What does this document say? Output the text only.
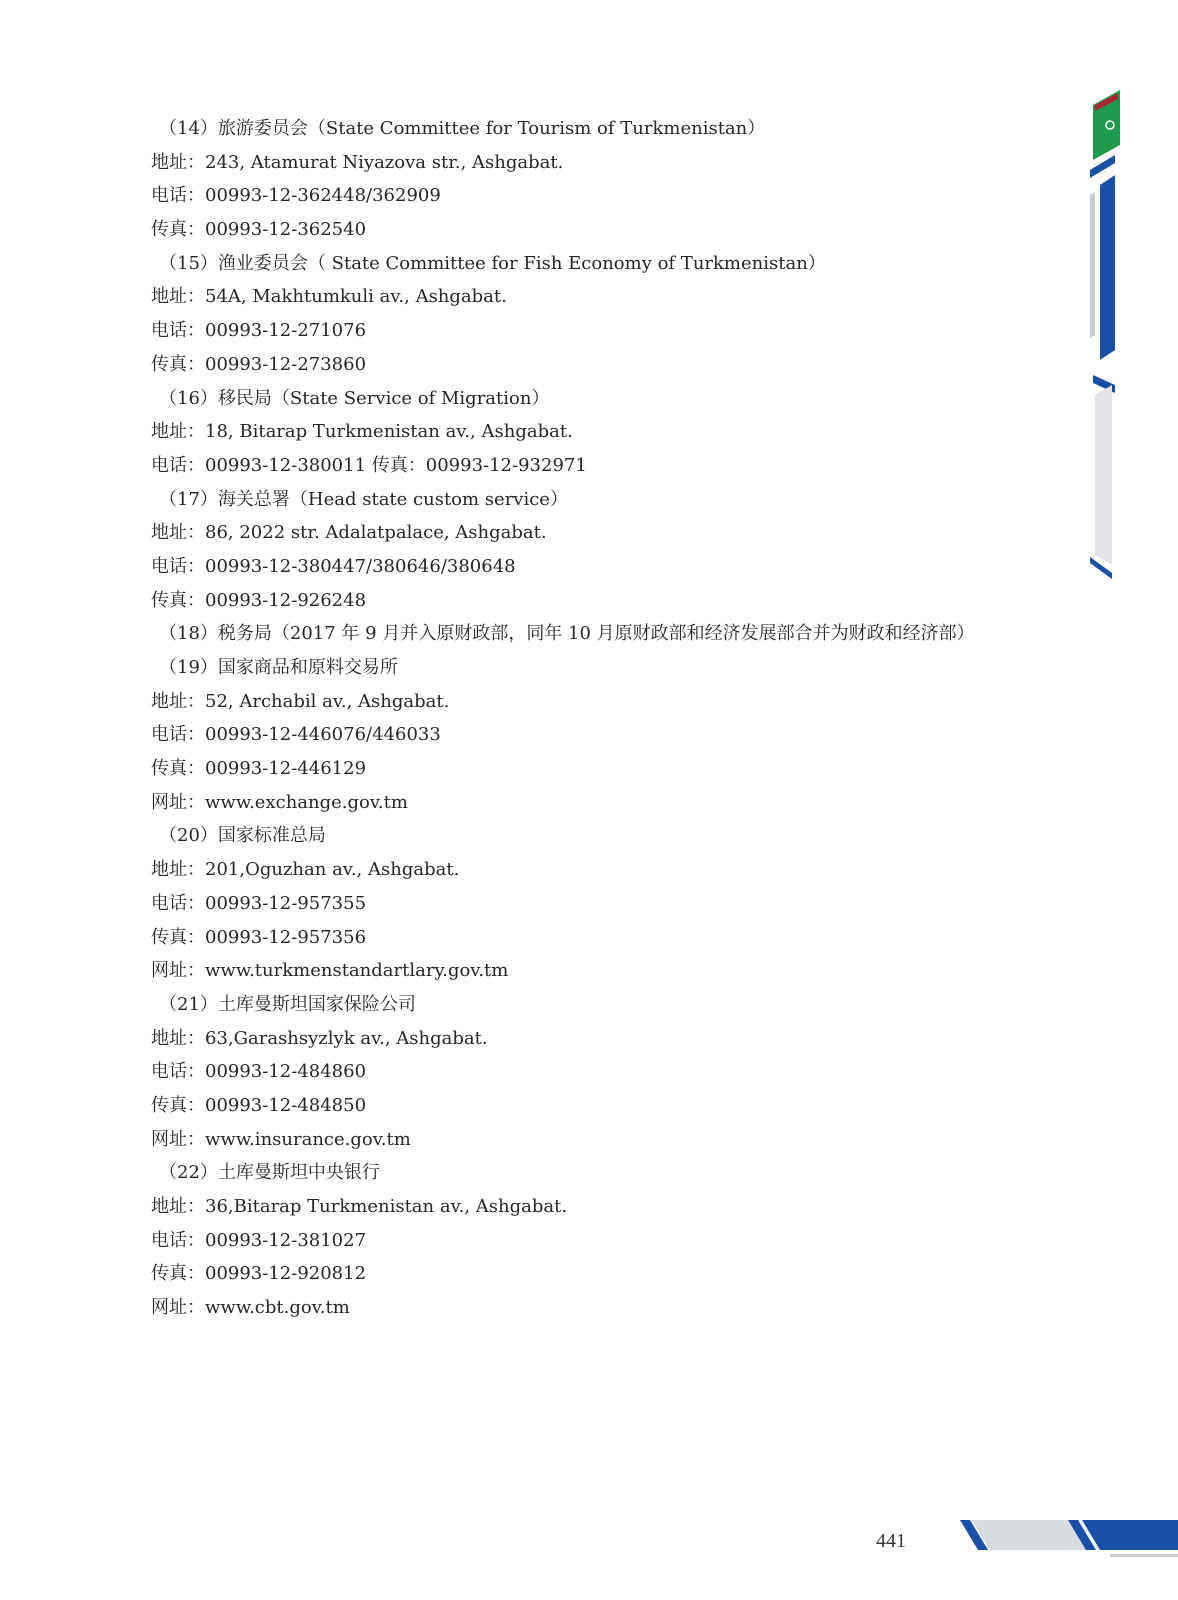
（14）旅游委员会（State Committee for Tourism of Turkmenistan）
地址：243, Atamurat Niyazova str., Ashgabat.
电话：00993-12-362448/362909
传真：00993-12-362540
（15）渔业委员会（ State Committee for Fish Economy of Turkmenistan）
地址：54A, Makhtumkuli av., Ashgabat.
电话：00993-12-271076
传真：00993-12-273860
（16）移民局（State Service of Migration）
地址：18, Bitarap Turkmenistan av., Ashgabat.
电话：00993-12-380011 传真：00993-12-932971
（17）海关总署（Head state custom service）
地址：86, 2022 str. Adalatpalace, Ashgabat.
电话：00993-12-380447/380646/380648
传真：00993-12-926248
（18）税务局（2017 年 9 月并入原财政部，同年 10 月原财政部和经济发展部合并为财政和经济部）
（19）国家商品和原料交易所
地址：52, Archabil av., Ashgabat.
电话：00993-12-446076/446033
传真：00993-12-446129
网址：www.exchange.gov.tm
（20）国家标准总局
地址：201,Oguzhan av., Ashgabat.
电话：00993-12-957355
传真：00993-12-957356
网址：www.turkmenstandartlary.gov.tm
（21）土库曼斯坦国家保险公司
地址：63,Garashsyzlyk av., Ashgabat.
电话：00993-12-484860
传真：00993-12-484850
网址：www.insurance.gov.tm
（22）土库曼斯坦中央银行
地址：36,Bitarap Turkmenistan av., Ashgabat.
电话：00993-12-381027
传真：00993-12-920812
网址：www.cbt.gov.tm
441
